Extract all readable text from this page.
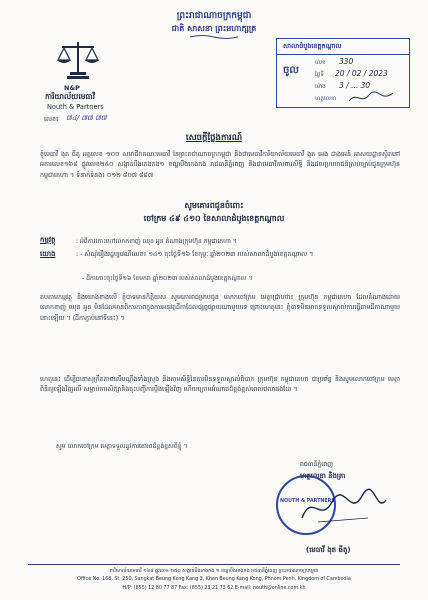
ព្រះរាជាណាចក្រកម្ពុជា
ជាតិ សាសនា ព្រះមហាក្សត្រ
N&P
ការិយាល័យមេធាវី
Nouth & Partners
លេខ៖ ៧៤/ ៧៧ ៧៧
សាលាដំបូងខេត្តកណ្ដាល
ចូល
លេខ 330
ថ្ងៃទី 20 / 02 / 2023
ម៉ោង 3 / ... 30
ហត្ថលេខា
សេចក្ដីថ្លែងការណ៍
ខ្ញុំមេធាវី ងុត ធីតូ អត្តលេខ ១០០ សមាជិកគណៈមេធាវី នៃព្រះរាជាណាចក្រកម្ពុជា និងជាមេធាវីការិយាល័យមេធាវី ងុត អេង ដាងអេន៍ អាសយដ្ឋានស្ថិតនៅអគារលេខ១៦៨ ផ្លូវលេខ២៥០ សង្កាត់បឹងកេងកង១ ខណ្ឌបឹងកេងកង រាជធានីភ្នំពេញ និងជាមេធាវីការពារសិទ្ធិ និងផលប្រយោជន៍ស្របច្បាប់ជូនក្រុមហ៊ុន កម្ពុជាគេហា ។ ទំនាក់ទំនង៖ ០១២ ៨០៧ ៨៨៧
សូមគោរពជូនចំពោះ
ចៅក្រម ៤៩ ៤១០ នៃសាលាដំបូងខេត្តកណ្ដាល
កម្មវត្ថុ	: អំពីការកោះហៅលោកខាញ់ ឈុន អូន តំណាងក្រុមហ៊ុន កម្ពុជាគេហា ។
យោង	: - សំណុំរឿងរដ្ឋប្បវេណីលេខ៖ ១៤១ ចុះថ្ងៃទី១៦ ខែកុម្ភៈ ឆ្នាំ២០២៣ របស់សាលាដំបូងខេត្តកណ្ដាល ។
- ដីកាកោះចុះថ្ងៃទី១៦ ខែមករា ឆ្នាំ២០២៣ របស់សាលាដំបូងខេត្តកណ្ដាល ។
តបតាមកម្មវត្ថុ និងយោងខាងលើ ខ្ញុំបាទមានកិត្តិយស សូមគោរពជម្រាបជូន លោកចៅក្រម មេត្តាជ្រាបថា៖ ក្រុមហ៊ុន កម្ពុជាគេហា ដែលតំណាងដោយ លោកខាញ់ ឈុន អូន មិនដែលមានពិការភាពក្នុងការអនុវត្តដីកាដែលផ្សព្វផ្សាយណាមួយទេ ព្រោះហេតុនេះ ខ្ញុំបាទមិនអាចទទួលស្គាល់ការធ្វើតាមដីកាណាមួយនោះឡើយ ។ (ដីកាភ្ជាប់នៅទីនេះ) ។
ហេតុនេះ ដើម្បីធានាសុក្រឹតភាពលើបណ្ដឹងទាំងស្រុង និងតាមសិទ្ធិនៃការមិនទទួលស្គាល់ពិបាក ក្រុមហ៊ុន កម្ពុជាគេហា ជាប្រព័ន្ធ និងសូមលោកចៅក្រម មេត្តាពិនិត្យឡើងវិញលើ សម្លាប់ការសិក្សានិងចុះបញ្ជីការប្ដឹងឡើងវិញ ហើយក្រោមអំណាចដ៏ខ្ពង់ខ្ពស់ពេលវេលាផងដែរ ។
សូម លោកចៅក្រម មេត្តាទទួលនូវការគោរពដ៏ខ្ពង់ខ្ពស់ពីខ្ញុំ ។
រាជធានីភ្នំពេញ
ហត្ថលេខា និងត្រា
NOUTH & PARTNERS
(មេធាវី ងុត ធីតូ)
ការិយាល័យមេធាវី ១៦៨ ផ្លូវលេខ ២៥០ សង្កាត់បឹងកេងកង ១ ខណ្ឌបឹងកេងកង រាជធានីភ្នំពេញ ព្រះរាជាណាចក្រកម្ពុជា
Office No. 168, St. 250, Sangkat Beung Keng Kang 3, Khan Beung Keng Kong, Phnom Penh, Kingdom of Cambodia
H/P: (855) 12 80 77 87 Fax: (855) 23 21 73 62 E-mail: nouth@online.com.kh
